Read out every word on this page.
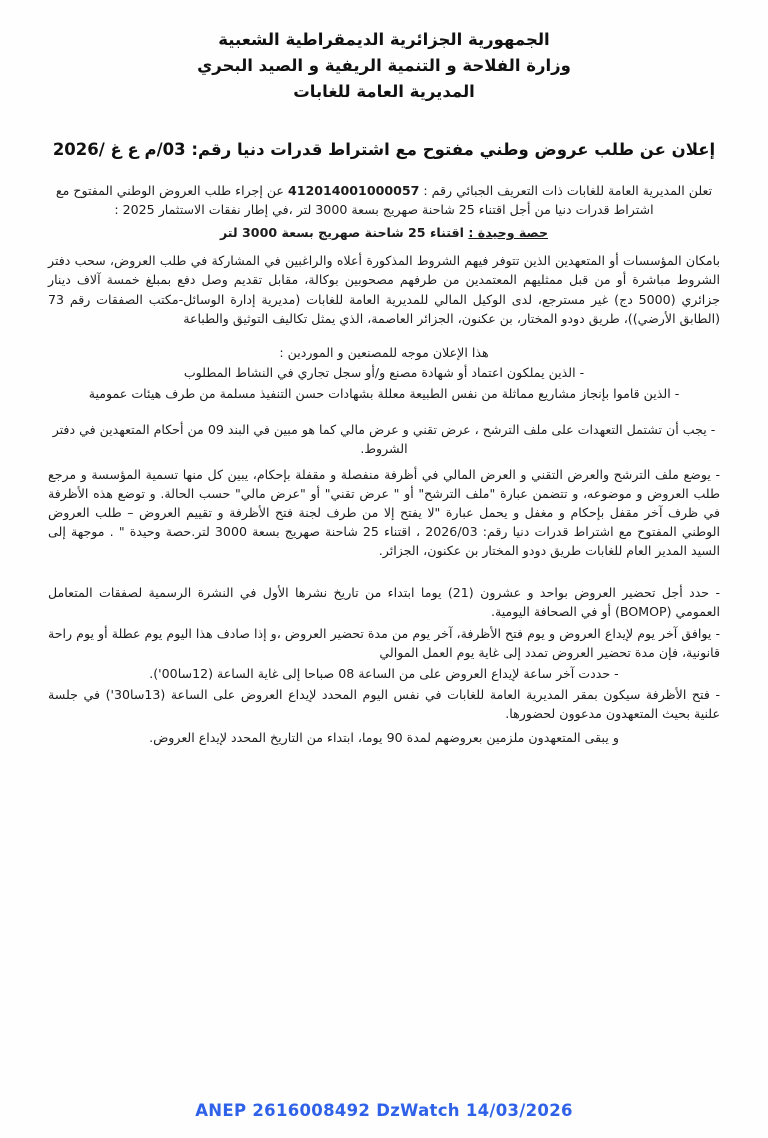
الجمهورية الجزائرية الديمقراطية الشعبية
وزارة الفلاحة و التنمية الريفية و الصيد البحري
المديرية العامة للغابات
إعلان عن طلب عروض وطني مفتوح مع اشتراط قدرات دنيا رقم: 03/م ع غ /2026
تعلن المديرية العامة للغابات ذات التعريف الجبائي رقم : 412014001000057 عن إجراء طلب العروض الوطني المفتوح مع
اشتراط قدرات دنيا من أجل اقتناء 25 شاحنة صهريج بسعة 3000 لتر ،في إطار نفقات الاستثمار 2025 :
حصة وحيدة : اقتناء 25 شاحنة صهريج بسعة 3000 لتر
بامكان المؤسسات أو المتعهدين الذين تتوفر فيهم الشروط المذكورة أعلاه والراغبين في المشاركة في طلب العروض، سحب دفتر الشروط مباشرة أو من قبل ممثليهم المعتمدين من طرفهم مصحوبين بوكالة، مقابل تقديم وصل دفع بمبلغ خمسة آلاف دينار جزائري (5000 دج) غير مسترجع، لدى الوكيل المالي للمديرية العامة للغابات (مديرية إدارة الوسائل-مكتب الصفقات رقم 73 (الطابق الأرضي))، طريق دودو المختار، بن عكنون، الجزائر العاصمة، الذي يمثل تكاليف التوثيق والطباعة
هذا الإعلان موجه للمصنعين و الموردين :
- الذين يملكون اعتماد أو شهادة مصنع و/أو سجل تجاري في النشاط المطلوب
- الذين قاموا بإنجاز مشاريع مماثلة من نفس الطبيعة معللة بشهادات حسن التنفيذ مسلمة من طرف هيئات عمومية
- يجب أن تشتمل التعهدات على ملف الترشح ، عرض تقني و عرض مالي كما هو مبين في البند 09 من أحكام المتعهدين في دفتر الشروط.
- يوضع ملف الترشح والعرض التقني و العرض المالي في أظرفة منفصلة و مقفلة بإحكام، يبين كل منها تسمية المؤسسة و مرجع طلب العروض و موضوعه، و تتضمن عبارة "ملف الترشح" أو " عرض تقني" أو "عرض مالي" حسب الحالة. و توضع هذه الأظرفة في ظرف آخر مقفل بإحكام و مغفل و يحمل عبارة "لا يفتح إلا من طرف لجنة فتح الأظرفة و تقييم العروض – طلب العروض الوطني المفتوح مع اشتراط قدرات دنيا رقم: 2026/03 ، اقتناء 25 شاحنة صهريج بسعة 3000 لتر.حصة وحيدة " . موجهة إلى السيد المدير العام للغابات طريق دودو المختار بن عكنون، الجزائر.
- حدد أجل تحضير العروض بواحد و عشرون (21) يوما ابتداء من تاريخ نشرها الأول في النشرة الرسمية لصفقات المتعامل العمومي (BOMOP) أو في الصحافة اليومية.
- يوافق آخر يوم لإيداع العروض و يوم فتح الأظرفة، آخر يوم من مدة تحضير العروض ،و إذا صادف هذا اليوم يوم عطلة أو يوم راحة قانونية، فإن مدة تحضير العروض تمدد إلى غاية يوم العمل الموالي
- حددت آخر ساعة لإيداع العروض على من الساعة 08 صباحا إلى غاية الساعة (12سا00').
- فتح الأظرفة سيكون بمقر المديرية العامة للغابات في نفس اليوم المحدد لإيداع العروض على الساعة (13سا30') في جلسة علنية بحيث المتعهدون مدعوون لحضورها.
و يبقى المتعهدون ملزمين بعروضهم لمدة 90 يوما، ابتداء من التاريخ المحدد لإيداع العروض.
ANEP 2616008492 DzWatch 14/03/2026
